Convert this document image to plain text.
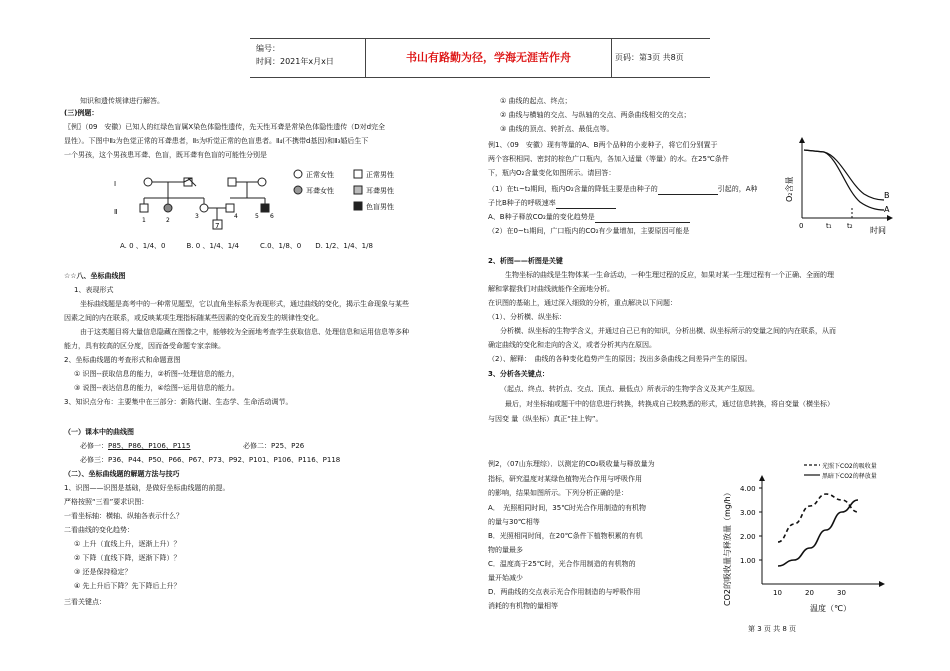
编号：
时间：2021年x月x日	书山有路勤为径，学海无涯苦作舟	页码：第3页 共8页
知识和遗传规律进行解答。
(三)例题：
〖例〗（09　安徽）已知人的红绿色盲属X染色体隐性遗传，先天性耳聋是常染色体隐性遗传（D对d完全
显性）。下图中Ⅱ₂为色觉正常的耳聋患者，Ⅱ₅为听觉正常的色盲患者。Ⅱ₄(不携带d基因)和Ⅱ₃婚后生下
一个男孩，这个男孩患耳聋、色盲，既耳聋有色盲的可能性分别是
Ⅰ
Ⅱ
7
1	2
3	4	5 6
正常女性	正常男性
耳聋女性	耳聋男性
色盲男性
A. 0 、1/4、0　　　B. 0 、1/4、1/4　　　C.0、1/8、0　　D. 1/2、1/4、1/8
☆☆八、坐标曲线图
1、表现形式
坐标曲线题是高考中的一种常见题型，它以直角坐标系为表现形式，通过曲线的变化，揭示生命现象与某些
因素之间的内在联系，或反映某项生理指标随某些因素的变化而发生的规律性变化。
由于这类题目将大量信息隐藏在图像之中，能够较为全面地考查学生获取信息、处理信息和运用信息等多种
能力，具有较高的区分度，因而备受命题专家亲睐。
2、坐标曲线题的考查形式和命题意图
① 识图--获取信息的能力，②析图--处理信息的能力，
③ 说图--表达信息的能力，④绘图--运用信息的能力。
3、知识点分布：主要集中在三部分：新陈代谢、生态学、生命活动调节。
（一）课本中的曲线图
必修一：P85、P86、P106、P115	必修二：P25、P26
必修三：P36、P44、P50、P66、P67、P73、P92、P101、P106、P116、P118
（二）、坐标曲线题的解题方法与技巧
1、识图——识图是基础，是做好坐标曲线题的前提。
严格按照“三看”要求识图：
一看坐标轴：横轴、纵轴各表示什么？
二看曲线的变化趋势：
① 上升（直线上升，逐渐上升）？
② 下降（直线下降，逐渐下降）？
③ 还是保持稳定？
④ 先上升后下降？先下降后上升？
三看关键点：
① 曲线的起点、终点；
② 曲线与横轴的交点、与纵轴的交点、两条曲线相交的交点；
③ 曲线的顶点、转折点、最低点等。
例1、（09　安徽）现有等量的A、B两个品种的小麦种子，将它们分别置于
两个容积相同、密封的棕色广口瓶内，各加入适量（等量）的水。在25℃条件
下，瓶内O₂含量变化如图所示。请回答：
（1）在t₁~t₂期间，瓶内O₂含量的降低主要是由种子的	引起的，A种
子比B种子的呼吸速率
A、B种子释放CO₂量的变化趋势是
（2）在0~t₁期间，广口瓶内的CO₂有少量增加，主要原因可能是
O₂含量
0	t₁ t₂ 时间
B
A
2、析图——析图是关键
生物坐标的曲线是生物体某一生命活动，一种生理过程的反应，如果对某一生理过程有一个正确、全面的理
解和掌握我们对曲线就能作全面地分析。
在识图的基础上，通过深入细致的分析，重点解决以下问题：
（1）、分析横、纵坐标：
分析横、纵坐标的生物学含义，并通过自己已有的知识，分析出横、纵坐标所示的变量之间的内在联系，从而
确定曲线的变化和走向的含义，或者分析其内在原因。
（2）、解释：　曲线的各种变化趋势产生的原因；找出多条曲线之间差异产生的原因。
3、分析各关键点：
（起点、终点、转折点、交点、顶点、最低点）所表示的生物学含义及其产生原因。
最后，对坐标轴或题干中的信息进行转换，转换成自己较熟悉的形式，通过信息转换，将自变量（横坐标）
与因变 量（纵坐标）真正“挂上钩”。
例2，（07山东理综）．以测定的CO₂吸收量与释放量为
指标，研究温度对某绿色植物光合作用与呼吸作用
的影响，结果如图所示。下列分析正确的是：
A．　光照相同时间，35℃时光合作用制造的有机物
的量与30℃相等
B．光照相同时间，在20℃条件下植物积累的有机
物的量最多
C．温度高于25℃时，光合作用制造的有机物的
量开始减少
D．两曲线的交点表示光合作用制造的与呼吸作用
消耗的有机物的量相等
光照下CO2的吸收量
黑暗下CO2的释放量
CO2的吸收量与释放量（mg/h） 1.00
2.00
3.00
4.00
10	20	30
温度（℃）
第 3 页 共 8 页
